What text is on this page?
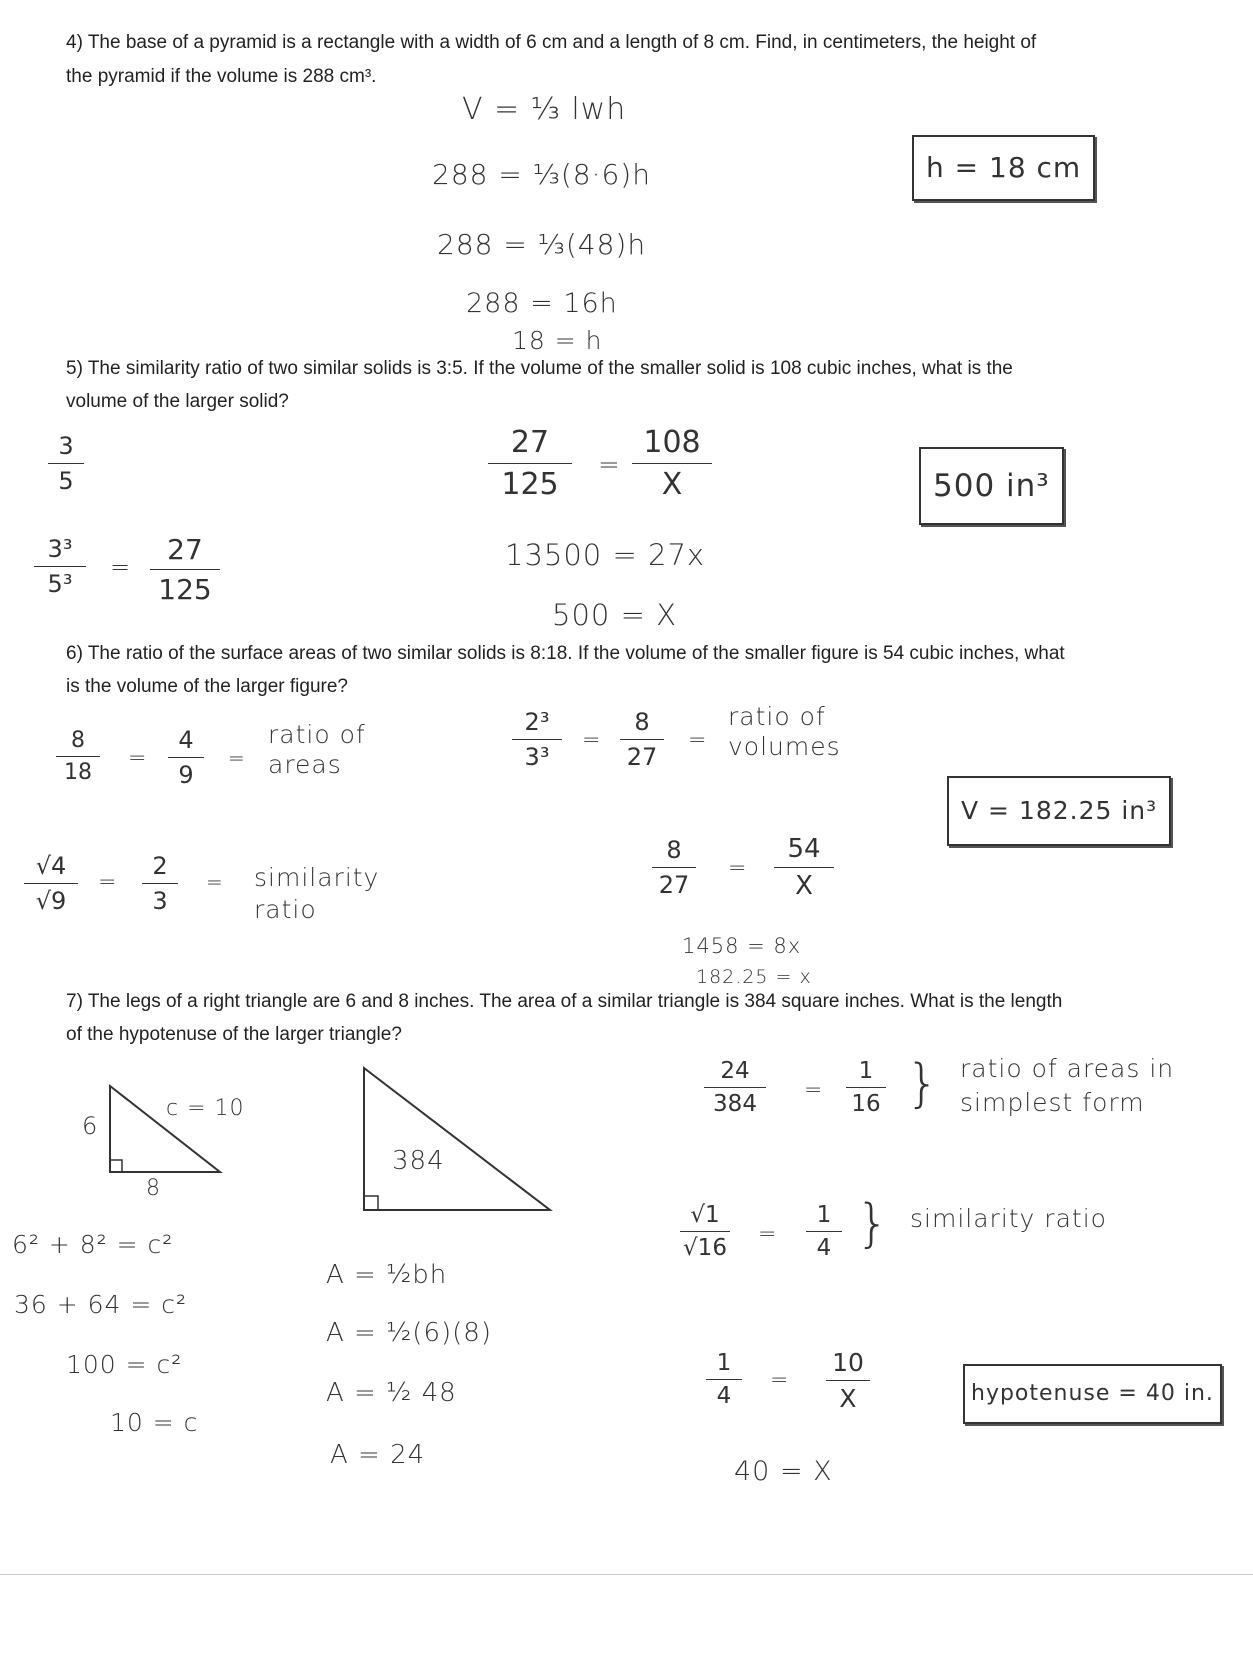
4) The base of a pyramid is a rectangle with a width of 6 cm and a length of 8 cm. Find, in centimeters, the height of

the pyramid if the volume is 288 cm³.

V = ⅓ lwh
288 = ⅓(8·6)h
288 = ⅓(48)h
288 = 16h
18 = h
h = 18 cm

5) The similarity ratio of two similar solids is 3:5. If the volume of the smaller solid is 108 cubic inches, what is the

volume of the larger solid?

3
5
3³
5³
=
27
125
27
125
=
108
X
13500 = 27x
500 = X
500 in³

6) The ratio of the surface areas of two similar solids is 8:18. If the volume of the smaller figure is 54 cubic inches, what

is the volume of the larger figure?

8
18
=
4
9
=
ratio of areas
√4
√9
=
2
3
= similarity ratio
2³
3³
=
8
27
=
ratio of volumes
8
27
=
54
X
1458 = 8x
182.25 = x
V = 182.25 in³

7) The legs of a right triangle are 6 and 8 inches. The area of a similar triangle is 384 square inches. What is the length

of the hypotenuse of the larger triangle?

6
8
c = 10
384
6² + 8² = c²
36 + 64 = c²
100 = c²
10 = c
A = ½bh
A = ½(6)(8)
A = ½ 48
A = 24
24
384
=
1
16 } ratio of areas in simplest form
√1
√16
=
1
4 } similarity ratio
1
4
=
10
X
40 = X
hypotenuse = 40 in.
